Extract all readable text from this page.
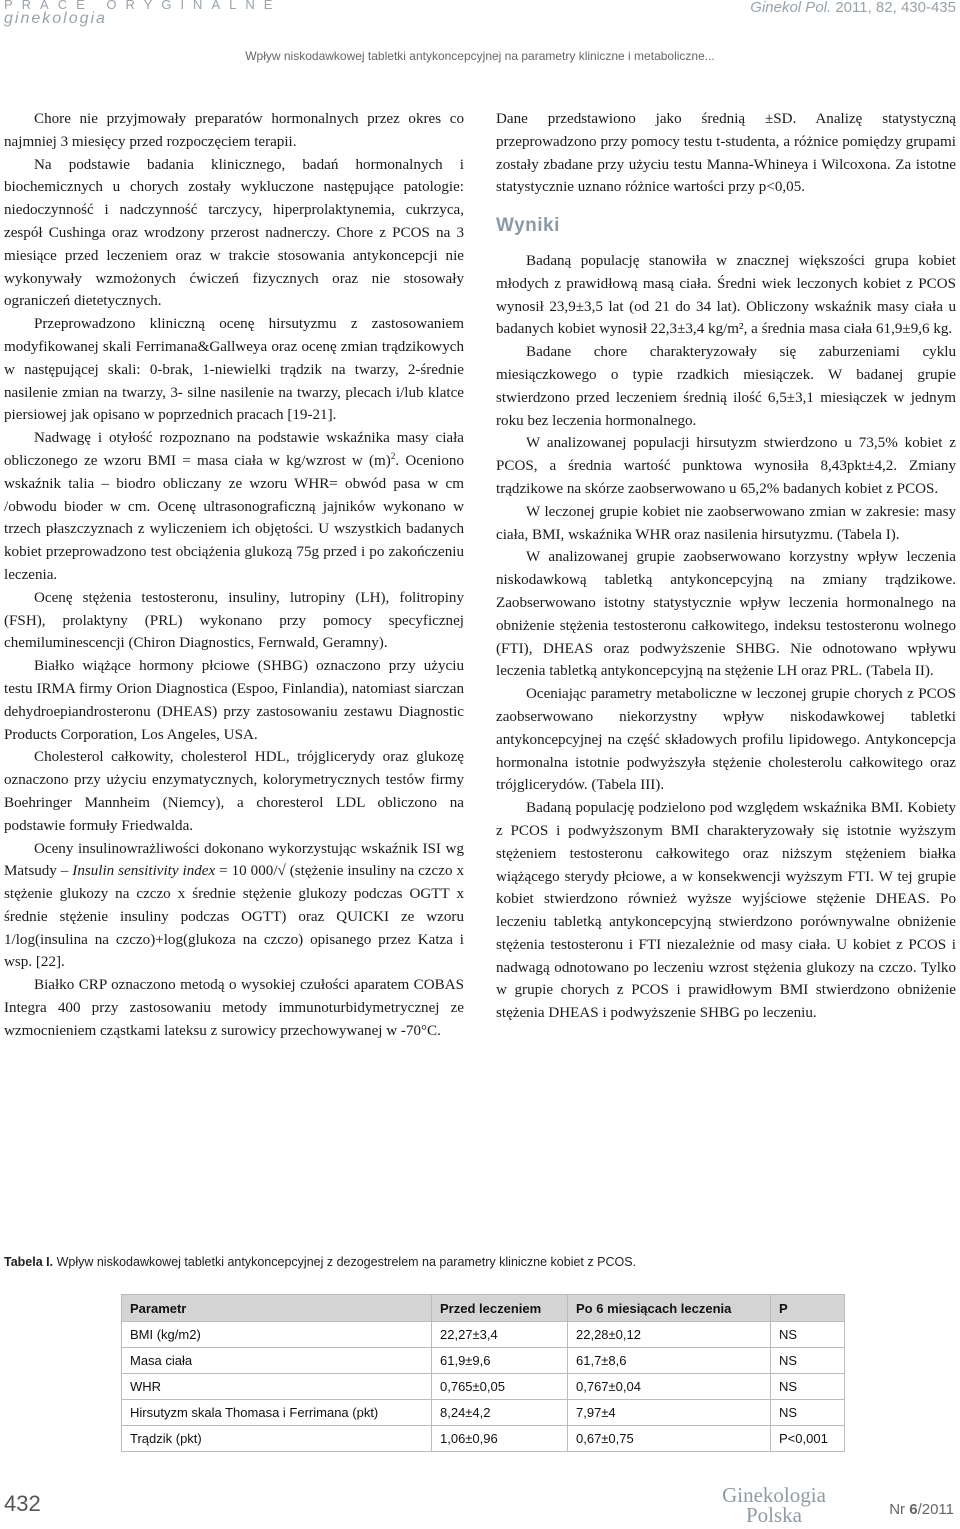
PRACE ORYGINALNE
ginekologia
Ginekol Pol. 2011, 82, 430-435
Wpływ niskodawkowej tabletki antykoncepcyjnej na parametry kliniczne i metaboliczne...

Chore nie przyjmowały preparatów hormonalnych przez okres co najmniej 3 miesięcy przed rozpoczęciem terapii.

Na podstawie badania klinicznego, badań hormonalnych i biochemicznych u chorych zostały wykluczone następujące patologie: niedoczynność i nadczynność tarczycy, hiperprolaktynemia, cukrzyca, zespół Cushinga oraz wrodzony przerost nadnerczy. Chore z PCOS na 3 miesiące przed leczeniem oraz w trakcie stosowania antykoncepcji nie wykonywały wzmożonych ćwiczeń fizycznych oraz nie stosowały ograniczeń dietetycznych.

Przeprowadzono kliniczną ocenę hirsutyzmu z zastosowaniem modyfikowanej skali Ferrimana&Gallweya oraz ocenę zmian trądzikowych w następującej skali: 0-brak, 1-niewielki trądzik na twarzy, 2-średnie nasilenie zmian na twarzy, 3- silne nasilenie na twarzy, plecach i/lub klatce piersiowej jak opisano w poprzednich pracach [19-21].

Nadwagę i otyłość rozpoznano na podstawie wskaźnika masy ciała obliczonego ze wzoru BMI = masa ciała w kg/wzrost w $(m)^2$. Oceniono wskaźnik talia – biodro obliczany ze wzoru WHR= obwód pasa w cm /obwodu bioder w cm. Ocenę ultrasonograficzną jajników wykonano w trzech płaszczyznach z wyliczeniem ich objętości. U wszystkich badanych kobiet przeprowadzono test obciążenia glukozą 75g przed i po zakończeniu leczenia.

Ocenę stężenia testosteronu, insuliny, lutropiny (LH), folitropiny (FSH), prolaktyny (PRL) wykonano przy pomocy specyficznej chemiluminescencji (Chiron Diagnostics, Fernwald, Geramny).

Białko wiążące hormony płciowe (SHBG) oznaczono przy użyciu testu IRMA firmy Orion Diagnostica (Espoo, Finlandia), natomiast siarczan dehydroepiandrosteronu (DHEAS) przy zastosowaniu zestawu Diagnostic Products Corporation, Los Angeles, USA.

Cholesterol całkowity, cholesterol HDL, trójglicerydy oraz glukozę oznaczono przy użyciu enzymatycznych, kolorymetrycznych testów firmy Boehringer Mannheim (Niemcy), a choresterol LDL obliczono na podstawie formuły Friedwalda.

Oceny insulinowrażliwości dokonano wykorzystując wskaźnik ISI wg Matsudy – Insulin sensitivity index = 10 000/√ (stężenie insuliny na czczo x stężenie glukozy na czczo x średnie stężenie glukozy podczas OGTT x średnie stężenie insuliny podczas OGTT) oraz QUICKI ze wzoru 1/log(insulina na czczo)+log(glukoza na czczo) opisanego przez Katza i wsp. [22].

Białko CRP oznaczono metodą o wysokiej czułości aparatem COBAS Integra 400 przy zastosowaniu metody immunoturbidymetrycznej ze wzmocnieniem cząstkami lateksu z surowicy przechowywanej w -70°C.

Dane przedstawiono jako średnią ±SD. Analizę statystyczną przeprowadzono przy pomocy testu t-studenta, a różnice pomiędzy grupami zostały zbadane przy użyciu testu Manna-Whineya i Wilcoxona. Za istotne statystycznie uznano różnice wartości przy p<0,05.

Wyniki

Badaną populację stanowiła w znacznej większości grupa kobiet młodych z prawidłową masą ciała. Średni wiek leczonych kobiet z PCOS wynosił 23,9±3,5 lat (od 21 do 34 lat). Obliczony wskaźnik masy ciała u badanych kobiet wynosił 22,3±3,4 kg/m², a średnia masa ciała 61,9±9,6 kg.

Badane chore charakteryzowały się zaburzeniami cyklu miesiączkowego o typie rzadkich miesiączek. W badanej grupie stwierdzono przed leczeniem średnią ilość 6,5±3,1 miesiączek w jednym roku bez leczenia hormonalnego.

W analizowanej populacji hirsutyzm stwierdzono u 73,5% kobiet z PCOS, a średnia wartość punktowa wynosiła 8,43pkt±4,2. Zmiany trądzikowe na skórze zaobserwowano u 65,2% badanych kobiet z PCOS.

W leczonej grupie kobiet nie zaobserwowano zmian w zakresie: masy ciała, BMI, wskaźnika WHR oraz nasilenia hirsutyzmu. (Tabela I).

W analizowanej grupie zaobserwowano korzystny wpływ leczenia niskodawkową tabletką antykoncepcyjną na zmiany trądzikowe. Zaobserwowano istotny statystycznie wpływ leczenia hormonalnego na obniżenie stężenia testosteronu całkowitego, indeksu testosteronu wolnego (FTI), DHEAS oraz podwyższenie SHBG. Nie odnotowano wpływu leczenia tabletką antykoncepcyjną na stężenie LH oraz PRL. (Tabela II).

Oceniając parametry metaboliczne w leczonej grupie chorych z PCOS zaobserwowano niekorzystny wpływ niskodawkowej tabletki antykoncepcyjnej na część składowych profilu lipidowego. Antykoncepcja hormonalna istotnie podwyższyła stężenie cholesterolu całkowitego oraz trójglicerydów. (Tabela III).

Badaną populację podzielono pod względem wskaźnika BMI. Kobiety z PCOS i podwyższonym BMI charakteryzowały się istotnie wyższym stężeniem testosteronu całkowitego oraz niższym stężeniem białka wiążącego sterydy płciowe, a w konsekwencji wyższym FTI. W tej grupie kobiet stwierdzono również wyższe wyjściowe stężenie DHEAS. Po leczeniu tabletką antykoncepcyjną stwierdzono porównywalne obniżenie stężenia testosteronu i FTI niezależnie od masy ciała. U kobiet z PCOS i nadwagą odnotowano po leczeniu wzrost stężenia glukozy na czczo. Tylko w grupie chorych z PCOS i prawidłowym BMI stwierdzono obniżenie stężenia DHEAS i podwyższenie SHBG po leczeniu.

Tabela I. Wpływ niskodawkowej tabletki antykoncepcyjnej z dezogestrelem na parametry kliniczne kobiet z PCOS.
Parametr	Przed leczeniem	Po 6 miesiącach leczenia	P
BMI (kg/m2)	22,27±3,4	22,28±0,12	NS
Masa ciała	61,9±9,6	61,7±8,6	NS
WHR	0,765±0,05	0,767±0,04	NS
Hirsutyzm skala Thomasa i Ferrimana (pkt)	8,24±4,2	7,97±4	NS
Trądzik (pkt)	1,06±0,96	0,67±0,75	P<0,001
432	Ginekologia
Polska	Nr 6/2011
